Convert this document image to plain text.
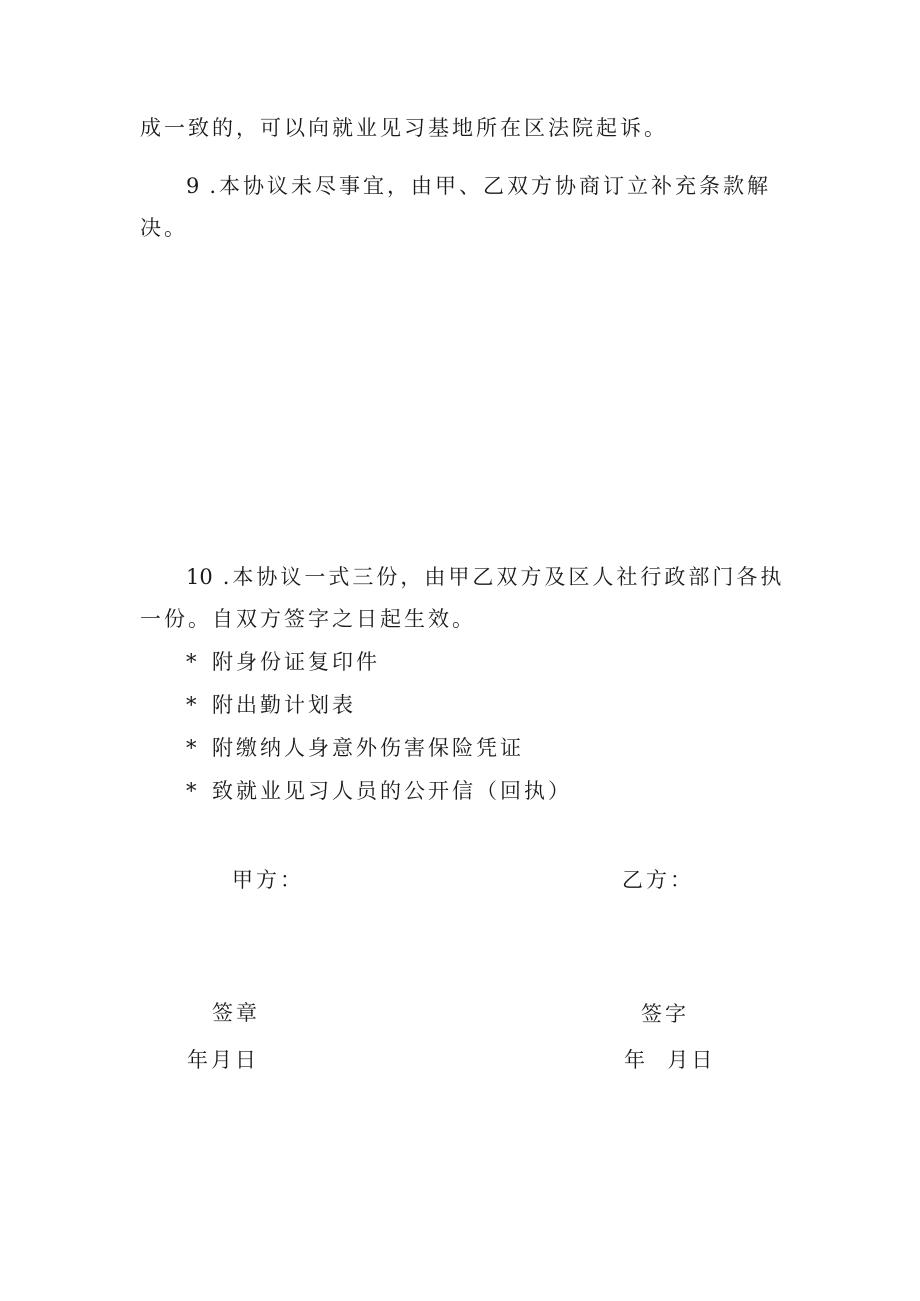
成一致的，可以向就业见习基地所在区法院起诉。
9 .本协议未尽事宜，由甲、乙双方协商订立补充条款解
决。
10 .本协议一式三份，由甲乙双方及区人社行政部门各执
一份。自双方签字之日起生效。
* 附身份证复印件
* 附出勤计划表
* 附缴纳人身意外伤害保险凭证
* 致就业见习人员的公开信（回执）
甲方：	乙方：
签章	签字
年月日	年  月日
